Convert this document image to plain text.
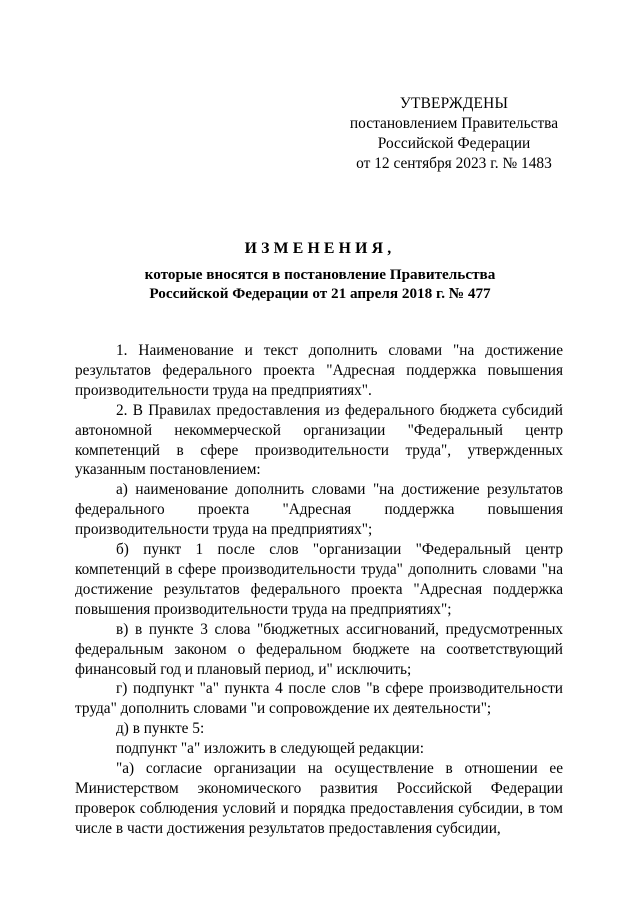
УТВЕРЖДЕНЫ
постановлением Правительства
Российской Федерации
от 12 сентября 2023 г. № 1483
ИЗМЕНЕНИЯ,
которые вносятся в постановление Правительства
Российской Федерации от 21 апреля 2018 г. № 477

1. Наименование и текст дополнить словами "на достижение результатов федерального проекта "Адресная поддержка повышения производительности труда на предприятиях".

2. В Правилах предоставления из федерального бюджета субсидий автономной некоммерческой организации "Федеральный центр компетенций в сфере производительности труда", утвержденных указанным постановлением:

а) наименование дополнить словами "на достижение результатов федерального проекта "Адресная поддержка повышения производительности труда на предприятиях";

б) пункт 1 после слов "организации "Федеральный центр компетенций в сфере производительности труда" дополнить словами "на достижение результатов федерального проекта "Адресная поддержка повышения производительности труда на предприятиях";

в) в пункте 3 слова "бюджетных ассигнований, предусмотренных федеральным законом о федеральном бюджете на соответствующий финансовый год и плановый период, и" исключить;

г) подпункт "а" пункта 4 после слов "в сфере производительности труда" дополнить словами "и сопровождение их деятельности";

д) в пункте 5:

подпункт "а" изложить в следующей редакции:

"а) согласие организации на осуществление в отношении ее Министерством экономического развития Российской Федерации проверок соблюдения условий и порядка предоставления субсидии, в том числе в части достижения результатов предоставления субсидии,
